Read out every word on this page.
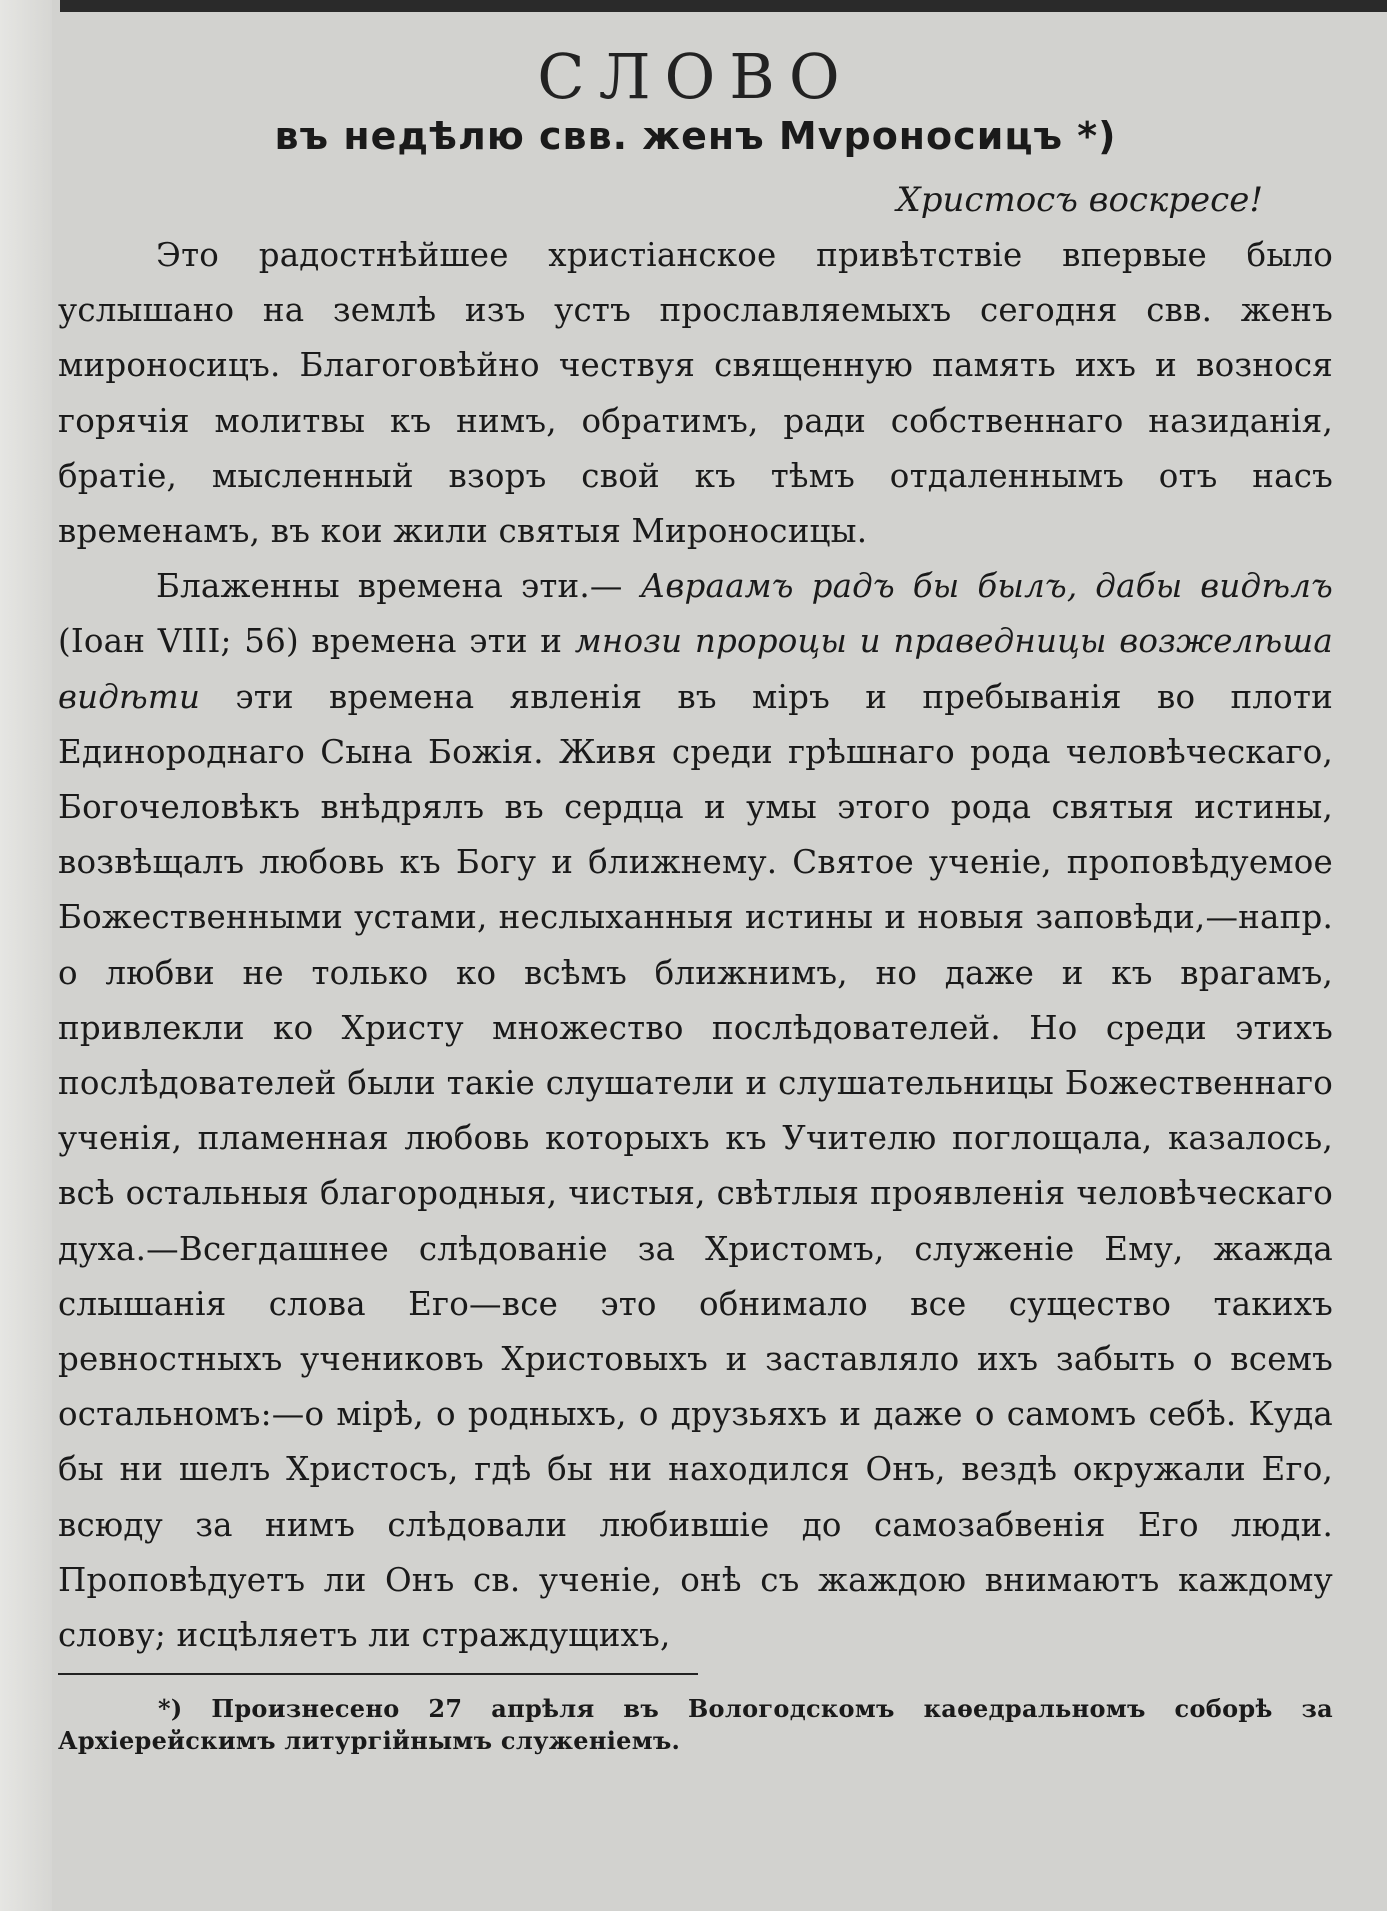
СЛОВО
въ недѣлю свв. женъ Мvроносицъ *)
Христосъ воскресе!

Это радостнѣйшее христіанское привѣтствіе впервые было услышано на землѣ изъ устъ прославляемыхъ сегодня свв. женъ мироносицъ. Благоговѣйно чествуя священную память ихъ и вознося горячія молитвы къ нимъ, обратимъ, ради собственнаго назиданія, братіе, мысленный взоръ свой къ тѣмъ отдаленнымъ отъ насъ временамъ, въ кои жили святыя Мироносицы.

Блаженны времена эти.— Авраамъ радъ бы былъ, дабы видѣлъ (Іоан VIII; 56) времена эти и мнози пророцы и праведницы возжелѣша видѣти эти времена явленія въ міръ и пребыванія во плоти Единороднаго Сына Божія. Живя среди грѣшнаго рода человѣческаго, Богочеловѣкъ внѣдрялъ въ сердца и умы этого рода святыя истины, возвѣщалъ любовь къ Богу и ближнему. Святое ученіе, проповѣдуемое Божественными устами, неслыханныя истины и новыя заповѣди,—напр. о любви не только ко всѣмъ ближнимъ, но даже и къ врагамъ, привлекли ко Христу множество послѣдователей. Но среди этихъ послѣдователей были такіе слушатели и слушательницы Божественнаго ученія, пламенная любовь которыхъ къ Учителю поглощала, казалось, всѣ остальныя благородныя, чистыя, свѣтлыя проявленія человѣческаго духа.—Всегдашнее слѣдованіе за Христомъ, служеніе Ему, жажда слышанія слова Его—все это обнимало все существо такихъ ревностныхъ учениковъ Христовыхъ и заставляло ихъ забыть о всемъ остальномъ:—о мірѣ, о родныхъ, о друзьяхъ и даже о самомъ себѣ. Куда бы ни шелъ Христосъ, гдѣ бы ни находился Онъ, вездѣ окружали Его, всюду за нимъ слѣдовали любившіе до самозабвенія Его люди. Проповѣдуетъ ли Онъ св. ученіе, онѣ съ жаждою внимаютъ каждому слову; исцѣляетъ ли страждущихъ,

*) Произнесено 27 апрѣля въ Вологодскомъ каѳедральномъ соборѣ за Архіерейскимъ литургійнымъ служеніемъ.
